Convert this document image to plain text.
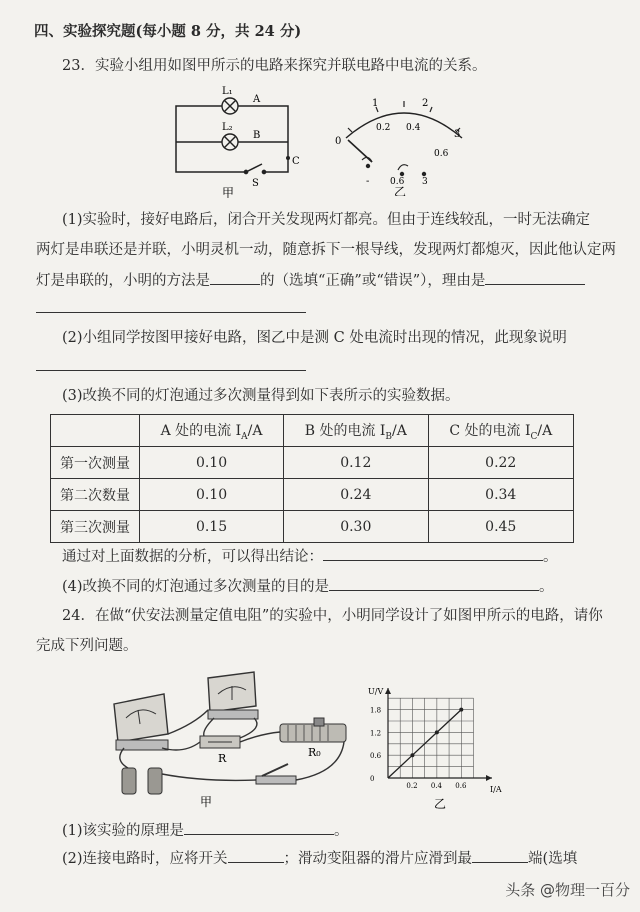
四、实验探究题(每小题 8 分，共 24 分)
23．实验小组用如图甲所示的电路来探究并联电路中电流的关系。
L₁
L₂
A
B
C
S
甲
0
1	2
3
0.2 0.4
0.6
- 0.6 3
乙
(1)实验时，接好电路后，闭合开关发现两灯都亮。但由于连线较乱，一时无法确定
两灯是串联还是并联，小明灵机一动，随意拆下一根导线，发现两灯都熄灭，因此他认定两
灯是串联的，小明的方法是	的（选填“正确”或“错误”），理由是
(2)小组同学按图甲接好电路，图乙中是测 C 处电流时出现的情况，此现象说明
(3)改换不同的灯泡通过多次测量得到如下表所示的实验数据。
	A 处的电流 $I_A/A$	B 处的电流 $I_B/A$	C 处的电流 $I_C/A$
第一次测量	0.10	0.12	0.22
第二次数量	0.10	0.24	0.34
第三次测量	0.15	0.30	0.45
通过对上面数据的分析，可以得出结论：	。
(4)改换不同的灯泡通过多次测量的目的是	。
24．在做“伏安法测量定值电阻”的实验中，小明同学设计了如图甲所示的电路，请你
完成下列问题。
R	R₀
甲
0
0.6
1.2
1.8
0.2 0.4 0.6
U/V
I/A
乙
(1)该实验的原理是	。
(2)连接电路时，应将开关	；滑动变阻器的滑片应滑到最	端(选填
头条 @物理一百分
